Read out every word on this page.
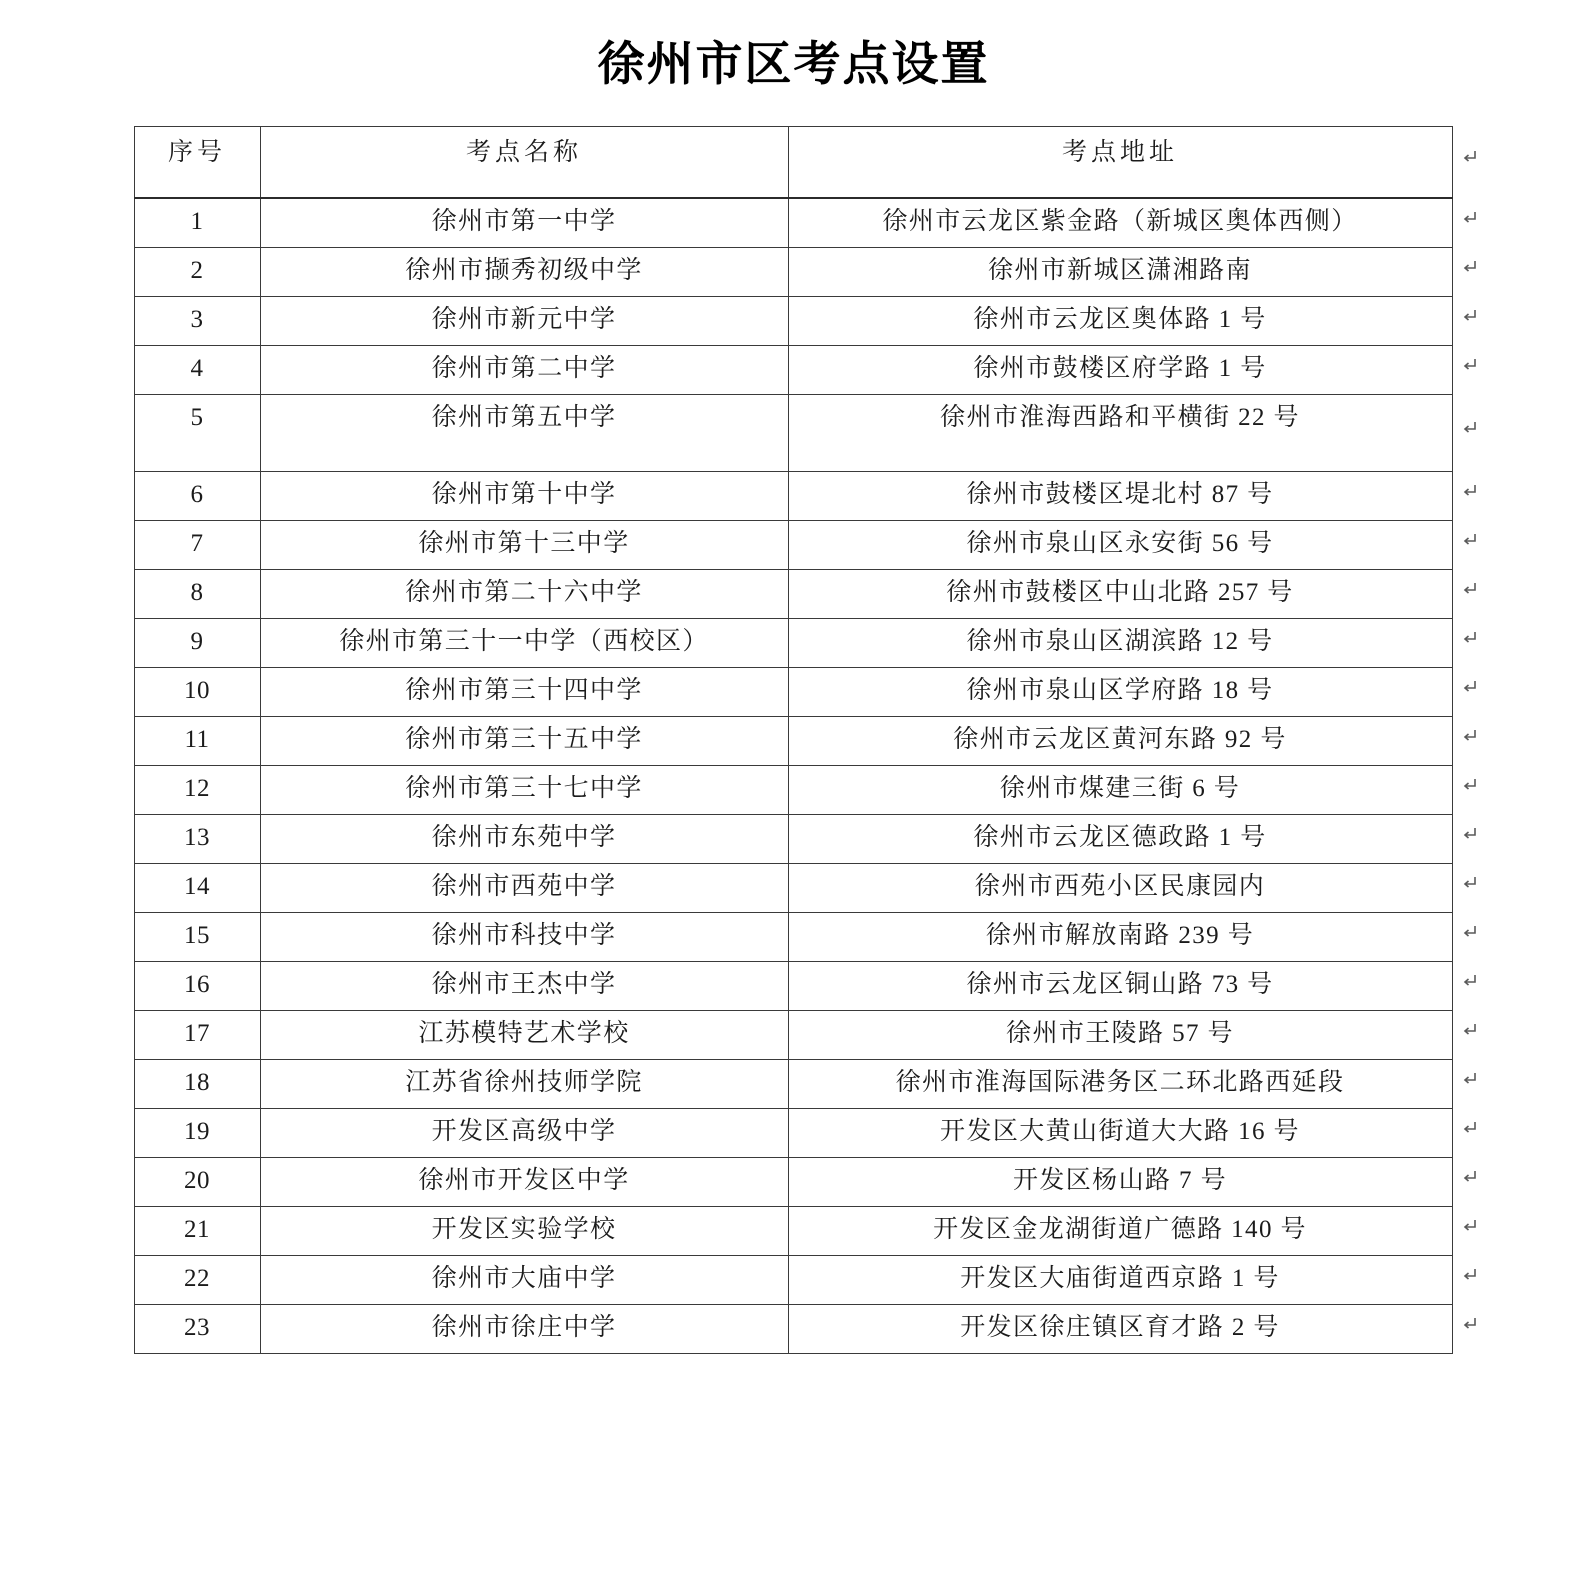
徐州市区考点设置
序号	考点名称	考点地址

1	徐州市第一中学	徐州市云龙区紫金路（新城区奥体西侧）

2	徐州市撷秀初级中学	徐州市新城区潇湘路南

3	徐州市新元中学	徐州市云龙区奥体路 1 号

4	徐州市第二中学	徐州市鼓楼区府学路 1 号

5	徐州市第五中学	徐州市淮海西路和平横街 22 号

6	徐州市第十中学	徐州市鼓楼区堤北村 87 号

7	徐州市第十三中学	徐州市泉山区永安街 56 号

8	徐州市第二十六中学	徐州市鼓楼区中山北路 257 号

9	徐州市第三十一中学（西校区）	徐州市泉山区湖滨路 12 号

10	徐州市第三十四中学	徐州市泉山区学府路 18 号

11	徐州市第三十五中学	徐州市云龙区黄河东路 92 号

12	徐州市第三十七中学	徐州市煤建三街 6 号

13	徐州市东苑中学	徐州市云龙区德政路 1 号

14	徐州市西苑中学	徐州市西苑小区民康园内

15	徐州市科技中学	徐州市解放南路 239 号

16	徐州市王杰中学	徐州市云龙区铜山路 73 号

17	江苏模特艺术学校	徐州市王陵路 57 号

18	江苏省徐州技师学院	徐州市淮海国际港务区二环北路西延段

19	开发区高级中学	开发区大黄山街道大大路 16 号

20	徐州市开发区中学	开发区杨山路 7 号

21	开发区实验学校	开发区金龙湖街道广德路 140 号

22	徐州市大庙中学	开发区大庙街道西京路 1 号

23	徐州市徐庄中学	开发区徐庄镇区育才路 2 号
